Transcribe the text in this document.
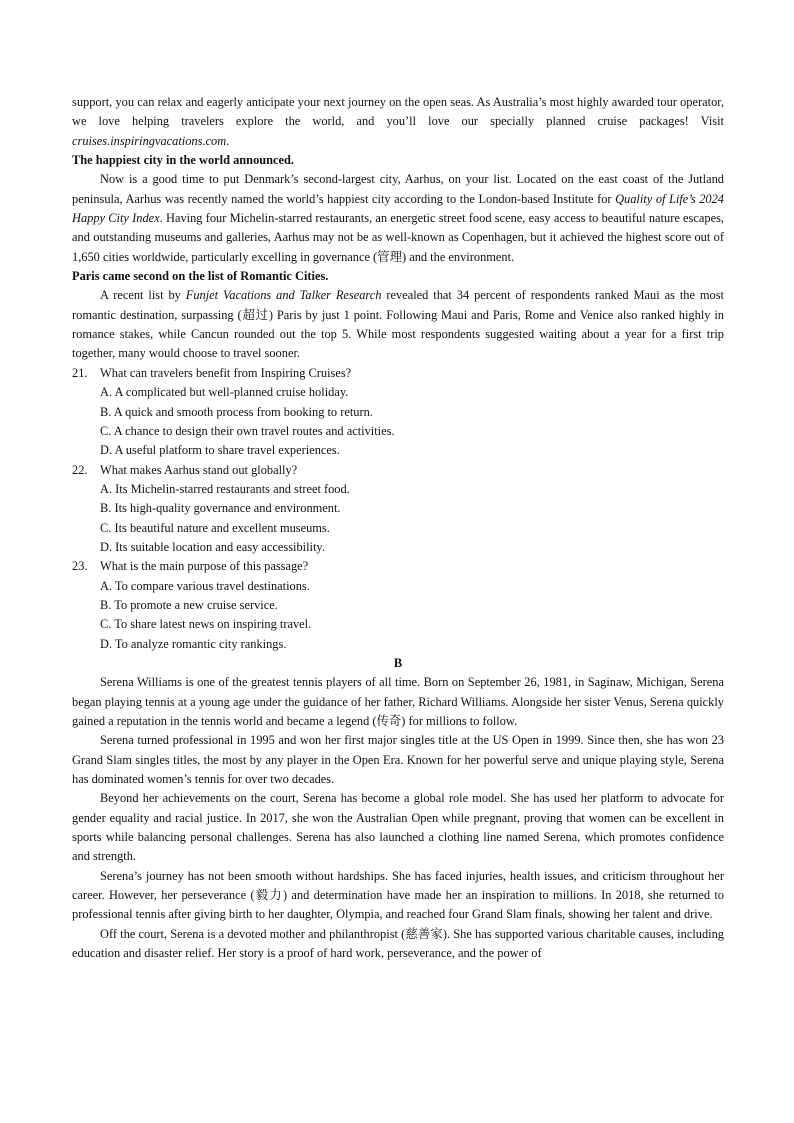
support, you can relax and eagerly anticipate your next journey on the open seas. As Australia’s most highly awarded tour operator, we love helping travelers explore the world, and you’ll love our specially planned cruise packages! Visit cruises.inspiringvacations.com.

The happiest city in the world announced.

Now is a good time to put Denmark’s second-largest city, Aarhus, on your list. Located on the east coast of the Jutland peninsula, Aarhus was recently named the world’s happiest city according to the London-based Institute for Quality of Life’s 2024 Happy City Index. Having four Michelin-starred restaurants, an energetic street food scene, easy access to beautiful nature escapes, and outstanding museums and galleries, Aarhus may not be as well-known as Copenhagen, but it achieved the highest score out of 1,650 cities worldwide, particularly excelling in governance (管理) and the environment.

Paris came second on the list of Romantic Cities.

A recent list by Funjet Vacations and Talker Research revealed that 34 percent of respondents ranked Maui as the most romantic destination, surpassing (超过) Paris by just 1 point. Following Maui and Paris, Rome and Venice also ranked highly in romance stakes, while Cancun rounded out the top 5. While most respondents suggested waiting about a year for a first trip together, many would choose to travel sooner.

21.	What can travelers benefit from Inspiring Cruises?

A. A complicated but well-planned cruise holiday.

B. A quick and smooth process from booking to return.

C. A chance to design their own travel routes and activities.

D. A useful platform to share travel experiences.

22.	What makes Aarhus stand out globally?

A. Its Michelin-starred restaurants and street food.

B. Its high-quality governance and environment.

C. Its beautiful nature and excellent museums.

D. Its suitable location and easy accessibility.

23.	What is the main purpose of this passage?

A. To compare various travel destinations.

B. To promote a new cruise service.

C. To share latest news on inspiring travel.

D. To analyze romantic city rankings.

B

Serena Williams is one of the greatest tennis players of all time. Born on September 26, 1981, in Saginaw, Michigan, Serena began playing tennis at a young age under the guidance of her father, Richard Williams. Alongside her sister Venus, Serena quickly gained a reputation in the tennis world and became a legend (传奇) for millions to follow.

Serena turned professional in 1995 and won her first major singles title at the US Open in 1999. Since then, she has won 23 Grand Slam singles titles, the most by any player in the Open Era. Known for her powerful serve and unique playing style, Serena has dominated women’s tennis for over two decades.

Beyond her achievements on the court, Serena has become a global role model. She has used her platform to advocate for gender equality and racial justice. In 2017, she won the Australian Open while pregnant, proving that women can be excellent in sports while balancing personal challenges. Serena has also launched a clothing line named Serena, which promotes confidence and strength.

Serena’s journey has not been smooth without hardships. She has faced injuries, health issues, and criticism throughout her career. However, her perseverance (毅力) and determination have made her an inspiration to millions. In 2018, she returned to professional tennis after giving birth to her daughter, Olympia, and reached four Grand Slam finals, showing her talent and drive.

Off the court, Serena is a devoted mother and philanthropist (慈善家). She has supported various charitable causes, including education and disaster relief. Her story is a proof of hard work, perseverance, and the power of
